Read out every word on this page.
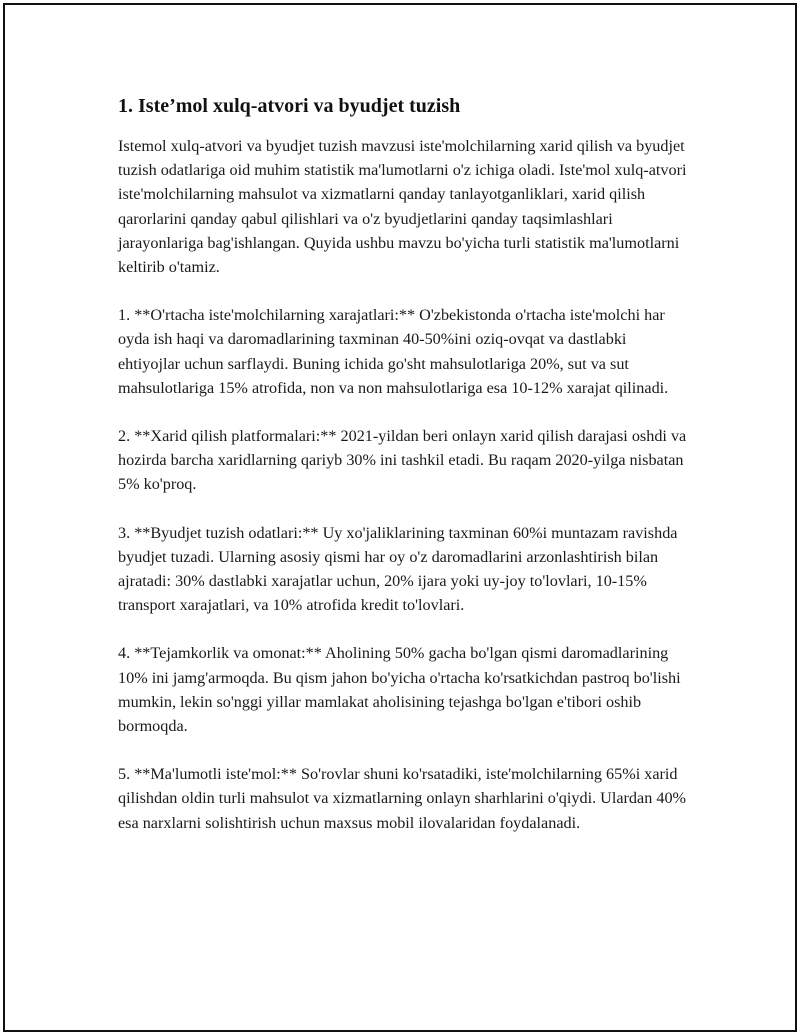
1. Iste’mol xulq-atvori va byudjet tuzish

Istemol xulq-atvori va byudjet tuzish mavzusi iste'molchilarning xarid qilish va byudjet tuzish odatlariga oid muhim statistik ma'lumotlarni o'z ichiga oladi. Iste'mol xulq-atvori iste'molchilarning mahsulot va xizmatlarni qanday tanlayotganliklari, xarid qilish qarorlarini qanday qabul qilishlari va o'z byudjetlarini qanday taqsimlashlari jarayonlariga bag'ishlangan. Quyida ushbu mavzu bo'yicha turli statistik ma'lumotlarni keltirib o'tamiz.

1. **O'rtacha iste'molchilarning xarajatlari:** O'zbekistonda o'rtacha iste'molchi har oyda ish haqi va daromadlarining taxminan 40-50%ini oziq-ovqat va dastlabki ehtiyojlar uchun sarflaydi. Buning ichida go'sht mahsulotlariga 20%, sut va sut mahsulotlariga 15% atrofida, non va non mahsulotlariga esa 10-12% xarajat qilinadi.

2. **Xarid qilish platformalari:** 2021-yildan beri onlayn xarid qilish darajasi oshdi va hozirda barcha xaridlarning qariyb 30% ini tashkil etadi. Bu raqam 2020-yilga nisbatan 5% ko'proq.

3. **Byudjet tuzish odatlari:** Uy xo'jaliklarining taxminan 60%i muntazam ravishda byudjet tuzadi. Ularning asosiy qismi har oy o'z daromadlarini arzonlashtirish bilan ajratadi: 30% dastlabki xarajatlar uchun, 20% ijara yoki uy-joy to'lovlari, 10-15% transport xarajatlari, va 10% atrofida kredit to'lovlari.

4. **Tejamkorlik va omonat:** Aholining 50% gacha bo'lgan qismi daromadlarining 10% ini jamg'armoqda. Bu qism jahon bo'yicha o'rtacha ko'rsatkichdan pastroq bo'lishi mumkin, lekin so'nggi yillar mamlakat aholisining tejashga bo'lgan e'tibori oshib bormoqda.

5. **Ma'lumotli iste'mol:** So'rovlar shuni ko'rsatadiki, iste'molchilarning 65%i xarid qilishdan oldin turli mahsulot va xizmatlarning onlayn sharhlarini o'qiydi. Ulardan 40% esa narxlarni solishtirish uchun maxsus mobil ilovalaridan foydalanadi.
